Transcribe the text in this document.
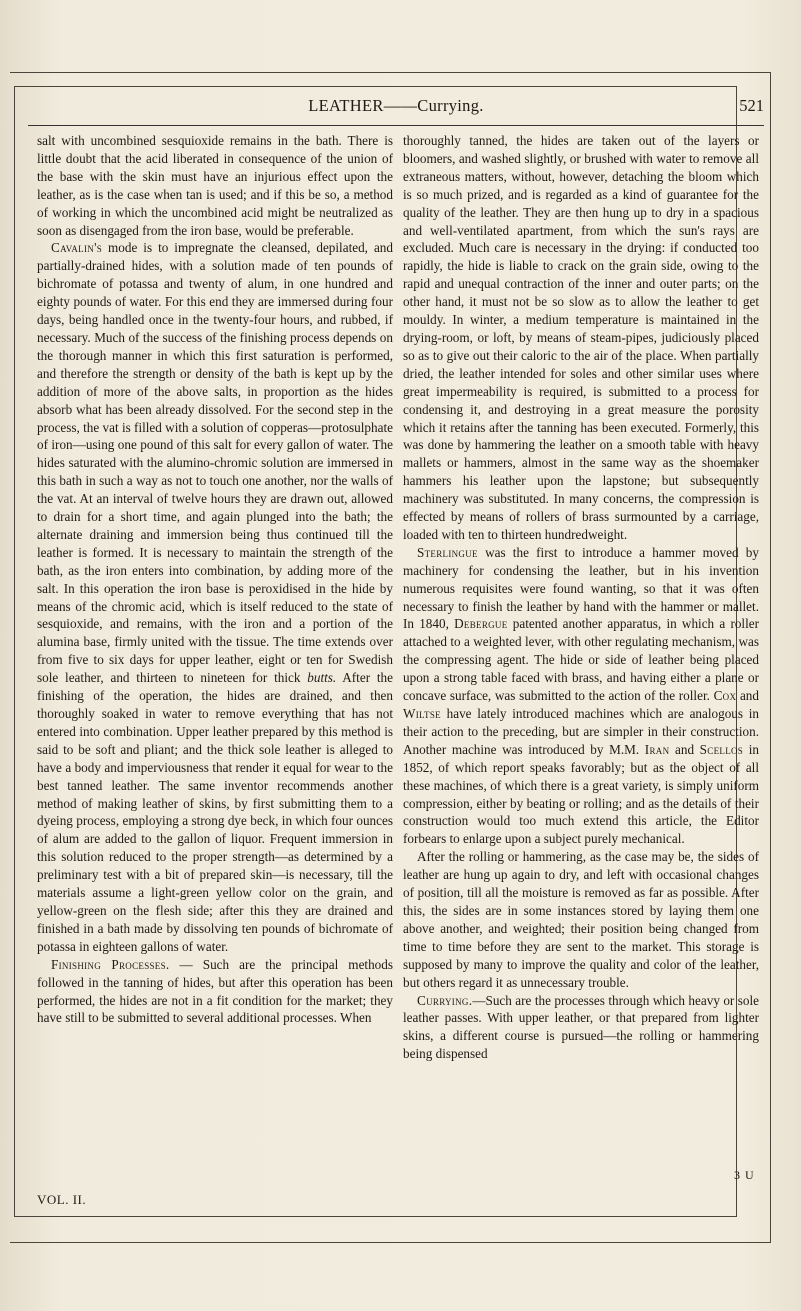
LEATHER——Currying.	521

salt with uncombined sesquioxide remains in the bath. There is little doubt that the acid liberated in consequence of the union of the base with the skin must have an injurious effect upon the leather, as is the case when tan is used; and if this be so, a method of working in which the uncombined acid might be neutralized as soon as disengaged from the iron base, would be preferable.

Cavalin's mode is to impregnate the cleansed, depilated, and partially-drained hides, with a solution made of ten pounds of bichromate of potassa and twenty of alum, in one hundred and eighty pounds of water. For this end they are immersed during four days, being handled once in the twenty-four hours, and rubbed, if necessary. Much of the success of the finishing process depends on the thorough manner in which this first saturation is performed, and therefore the strength or density of the bath is kept up by the addition of more of the above salts, in proportion as the hides absorb what has been already dissolved. For the second step in the process, the vat is filled with a solution of copperas—protosulphate of iron—using one pound of this salt for every gallon of water. The hides saturated with the alumino-chromic solution are immersed in this bath in such a way as not to touch one another, nor the walls of the vat. At an interval of twelve hours they are drawn out, allowed to drain for a short time, and again plunged into the bath; the alternate draining and immersion being thus continued till the leather is formed. It is necessary to maintain the strength of the bath, as the iron enters into combination, by adding more of the salt. In this operation the iron base is peroxidised in the hide by means of the chromic acid, which is itself reduced to the state of sesquioxide, and remains, with the iron and a portion of the alumina base, firmly united with the tissue. The time extends over from five to six days for upper leather, eight or ten for Swedish sole leather, and thirteen to nineteen for thick butts. After the finishing of the operation, the hides are drained, and then thoroughly soaked in water to remove everything that has not entered into combination. Upper leather prepared by this method is said to be soft and pliant; and the thick sole leather is alleged to have a body and imperviousness that render it equal for wear to the best tanned leather. The same inventor recommends another method of making leather of skins, by first submitting them to a dyeing process, employing a strong dye beck, in which four ounces of alum are added to the gallon of liquor. Frequent immersion in this solution reduced to the proper strength—as determined by a preliminary test with a bit of prepared skin—is necessary, till the materials assume a light-green yellow color on the grain, and yellow-green on the flesh side; after this they are drained and finished in a bath made by dissolving ten pounds of bichromate of potassa in eighteen gallons of water.

Finishing Processes. — Such are the principal methods followed in the tanning of hides, but after this operation has been performed, the hides are not in a fit condition for the market; they have still to be submitted to several additional processes. When

thoroughly tanned, the hides are taken out of the layers or bloomers, and washed slightly, or brushed with water to remove all extraneous matters, without, however, detaching the bloom which is so much prized, and is regarded as a kind of guarantee for the quality of the leather. They are then hung up to dry in a spacious and well-ventilated apartment, from which the sun's rays are excluded. Much care is necessary in the drying: if conducted too rapidly, the hide is liable to crack on the grain side, owing to the rapid and unequal contraction of the inner and outer parts; on the other hand, it must not be so slow as to allow the leather to get mouldy. In winter, a medium temperature is maintained in the drying-room, or loft, by means of steam-pipes, judiciously placed so as to give out their caloric to the air of the place. When partially dried, the leather intended for soles and other similar uses where great impermeability is required, is submitted to a process for condensing it, and destroying in a great measure the porosity which it retains after the tanning has been executed. Formerly, this was done by hammering the leather on a smooth table with heavy mallets or hammers, almost in the same way as the shoemaker hammers his leather upon the lapstone; but subsequently machinery was substituted. In many concerns, the compression is effected by means of rollers of brass surmounted by a carriage, loaded with ten to thirteen hundredweight.

Sterlingue was the first to introduce a hammer moved by machinery for condensing the leather, but in his invention numerous requisites were found wanting, so that it was often necessary to finish the leather by hand with the hammer or mallet. In 1840, Debergue patented another apparatus, in which a roller attached to a weighted lever, with other regulating mechanism, was the compressing agent. The hide or side of leather being placed upon a strong table faced with brass, and having either a plane or concave surface, was submitted to the action of the roller. Cox and Wiltse have lately introduced machines which are analogous in their action to the preceding, but are simpler in their construction. Another machine was introduced by M.M. Iran and Scellos in 1852, of which report speaks favorably; but as the object of all these machines, of which there is a great variety, is simply uniform compression, either by beating or rolling; and as the details of their construction would too much extend this article, the Editor forbears to enlarge upon a subject purely mechanical.

After the rolling or hammering, as the case may be, the sides of leather are hung up again to dry, and left with occasional changes of position, till all the moisture is removed as far as possible. After this, the sides are in some instances stored by laying them one above another, and weighted; their position being changed from time to time before they are sent to the market. This storage is supposed by many to improve the quality and color of the leather, but others regard it as unnecessary trouble.

Currying.—Such are the processes through which heavy or sole leather passes. With upper leather, or that prepared from lighter skins, a different course is pursued—the rolling or hammering being dispensed

VOL. II.
3 U
